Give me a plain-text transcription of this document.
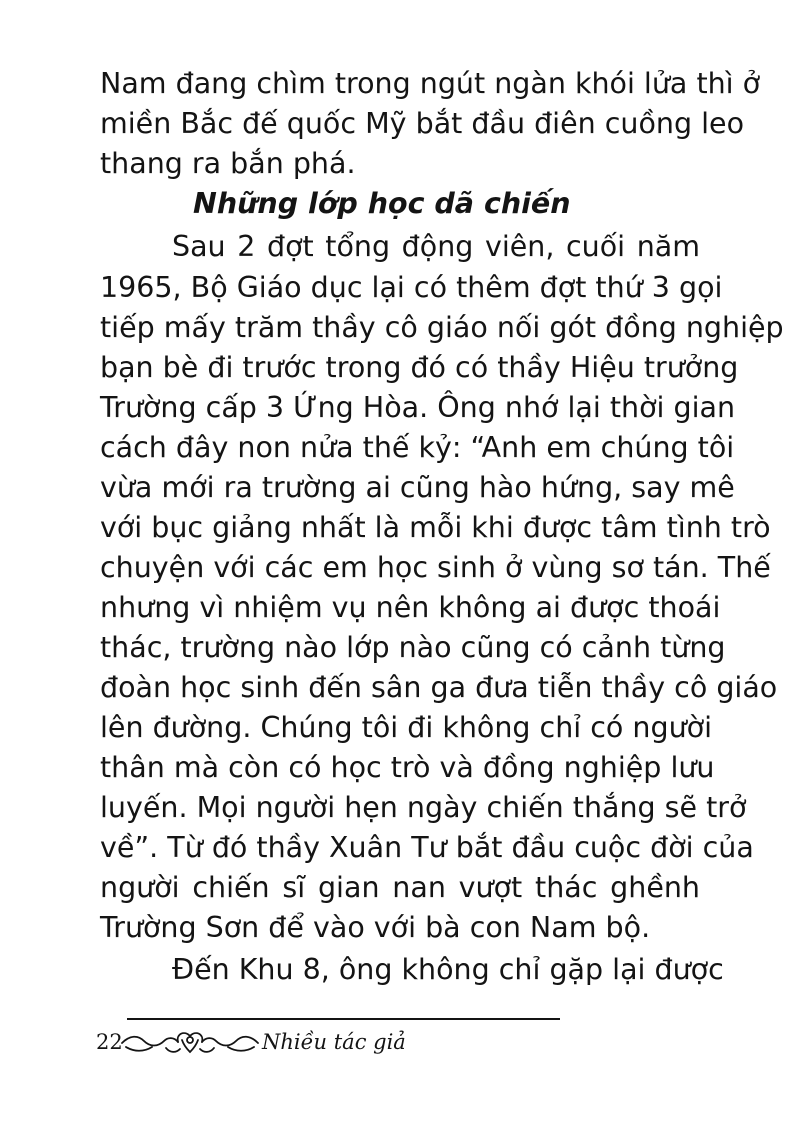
Nam đang chìm trong ngút ngàn khói lửa thì ở
miền Bắc đế quốc Mỹ bắt đầu điên cuồng leo
thang ra bắn phá.
Những lớp học dã chiến
Sau 2 đợt tổng động viên, cuối năm
1965, Bộ Giáo dục lại có thêm đợt thứ 3 gọi
tiếp mấy trăm thầy cô giáo nối gót đồng nghiệp
bạn bè đi trước trong đó có thầy Hiệu trưởng
Trường cấp 3 Ứng Hòa. Ông nhớ lại thời gian
cách đây non nửa thế kỷ: “Anh em chúng tôi
vừa mới ra trường ai cũng hào hứng, say mê
với bục giảng nhất là mỗi khi được tâm tình trò
chuyện với các em học sinh ở vùng sơ tán. Thế
nhưng vì nhiệm vụ nên không ai được thoái
thác, trường nào lớp nào cũng có cảnh từng
đoàn học sinh đến sân ga đưa tiễn thầy cô giáo
lên đường. Chúng tôi đi không chỉ có người
thân mà còn có học trò và đồng nghiệp lưu
luyến. Mọi người hẹn ngày chiến thắng sẽ trở
về”. Từ đó thầy Xuân Tư bắt đầu cuộc đời của
người chiến sĩ gian nan vượt thác ghềnh
Trường Sơn để vào với bà con Nam bộ.
Đến Khu 8, ông không chỉ gặp lại được
22	Nhiều tác giả
